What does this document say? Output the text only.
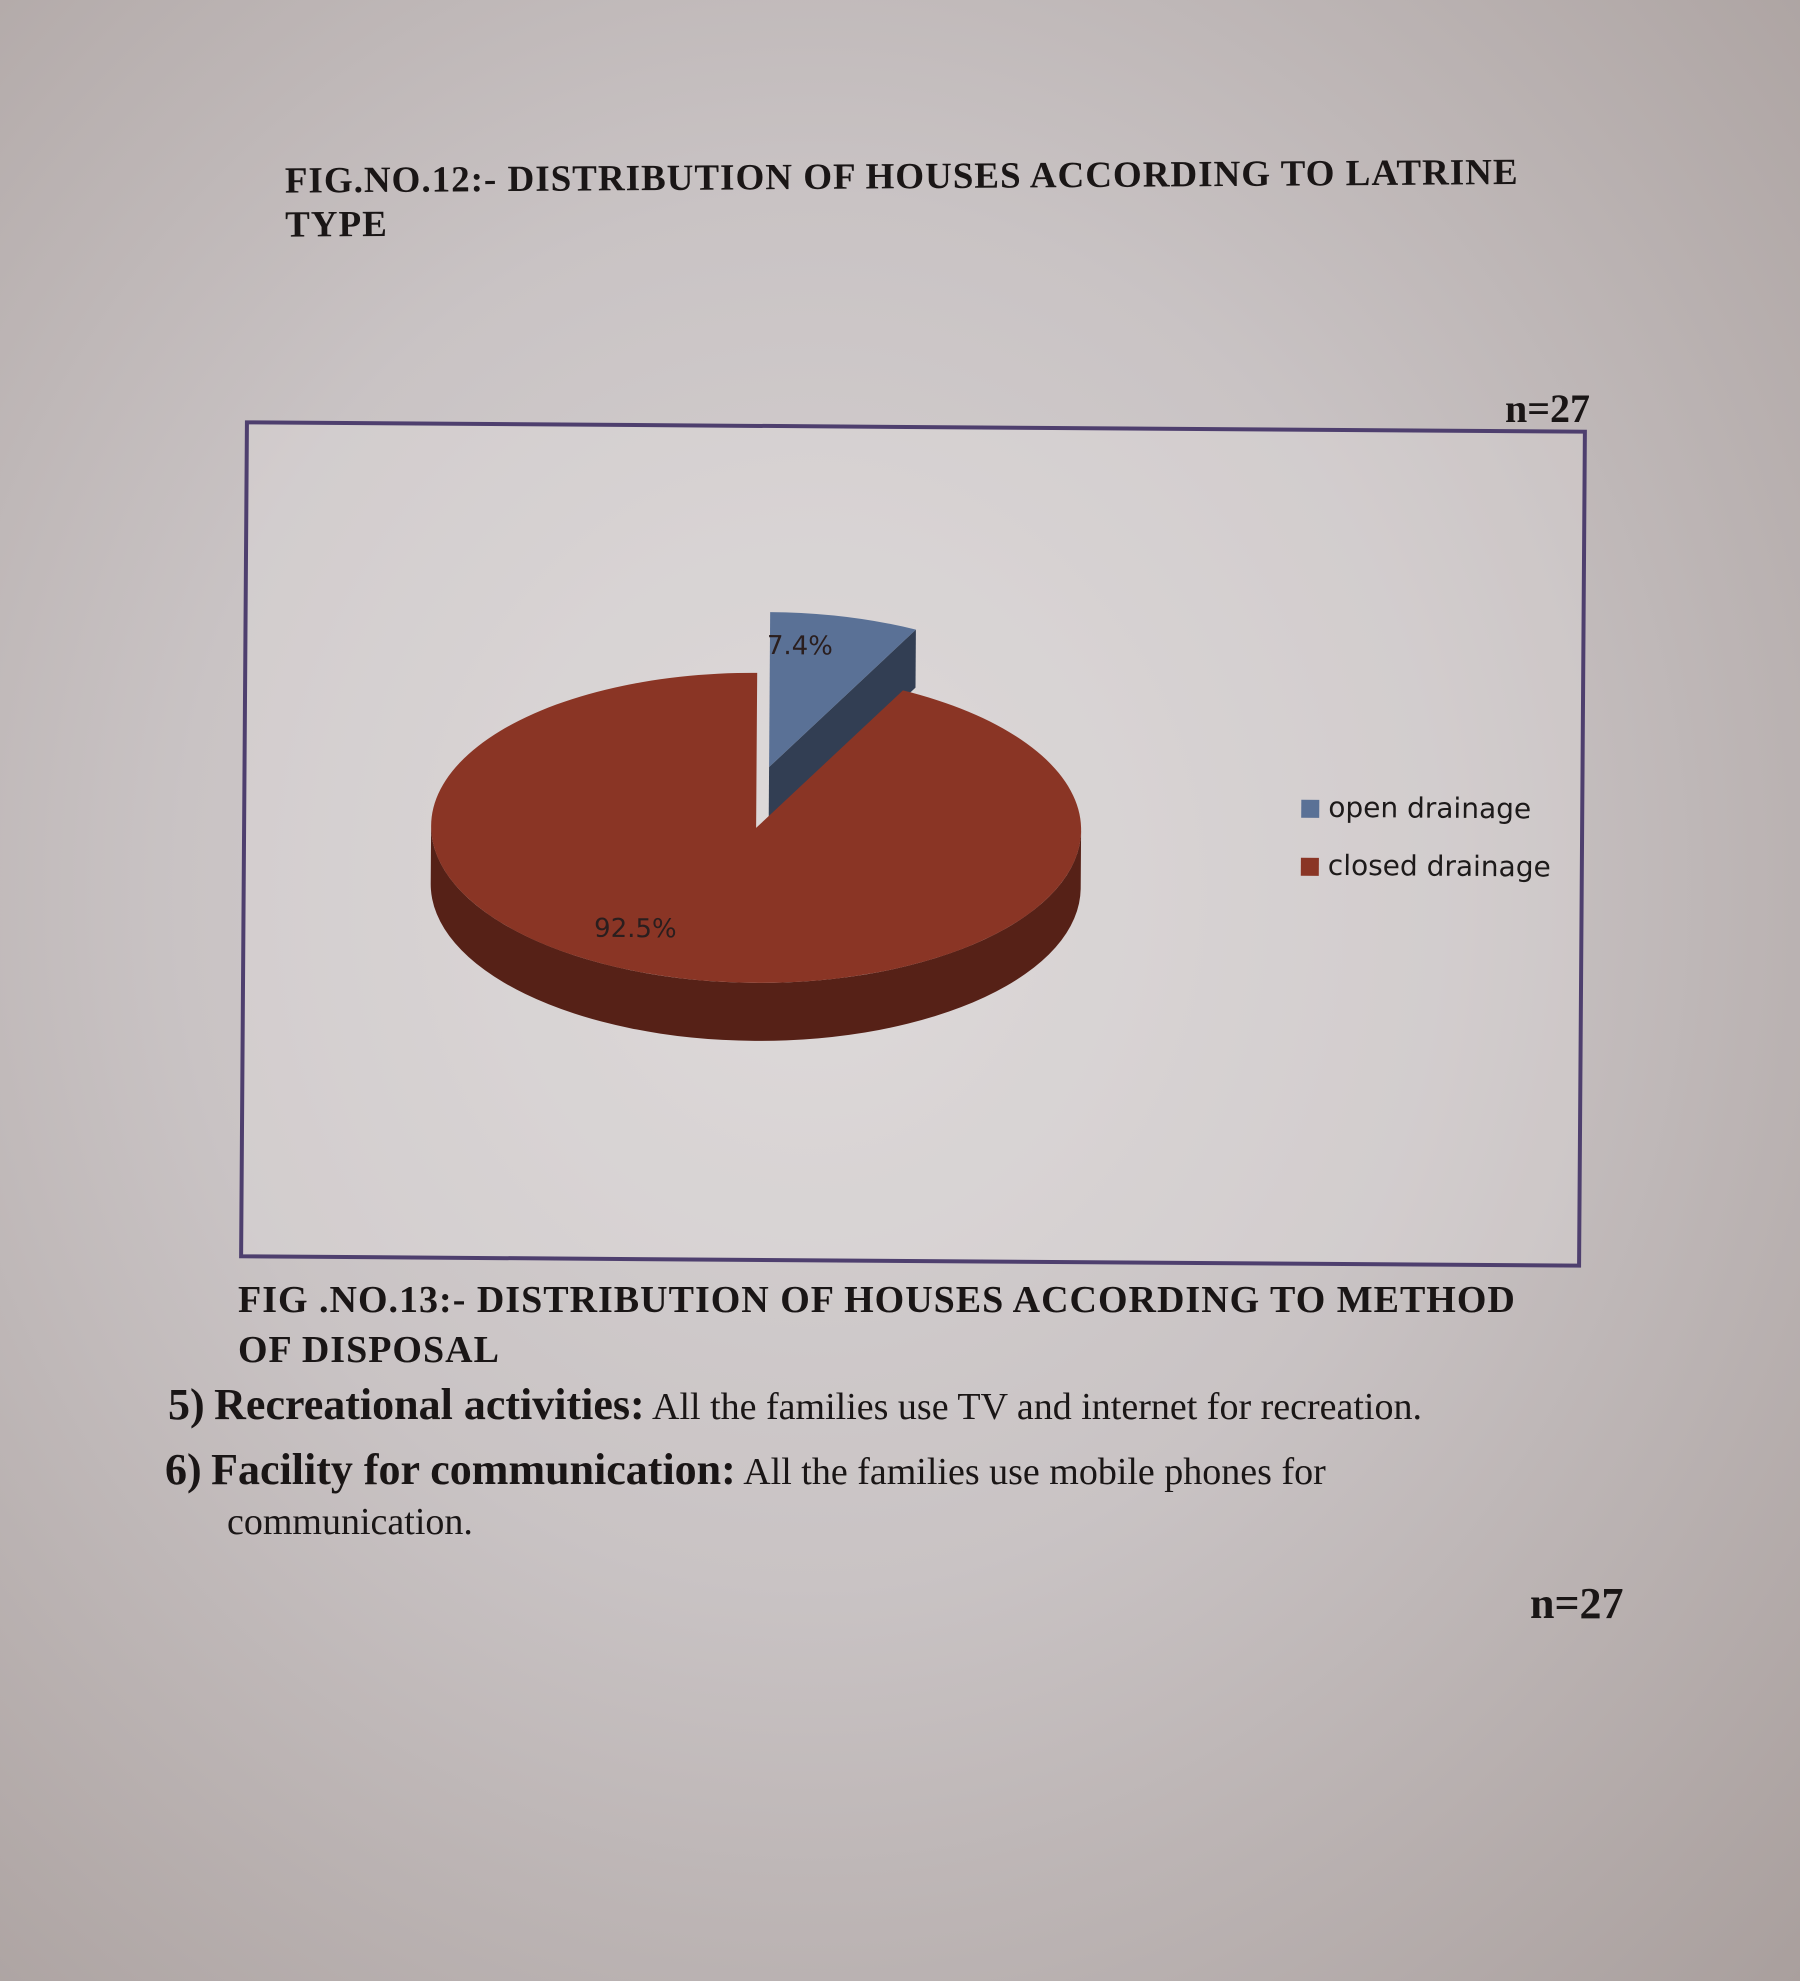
FIG.NO.12:- DISTRIBUTION OF HOUSES ACCORDING TO LATRINE
TYPE
n=27
7.4%
92.5%
open drainage
closed drainage
FIG .NO.13:- DISTRIBUTION OF HOUSES ACCORDING TO METHOD
OF DISPOSAL
5) Recreational activities: All the families use TV and internet for recreation.
6) Facility for communication: All the families use mobile phones for
communication.
n=27
